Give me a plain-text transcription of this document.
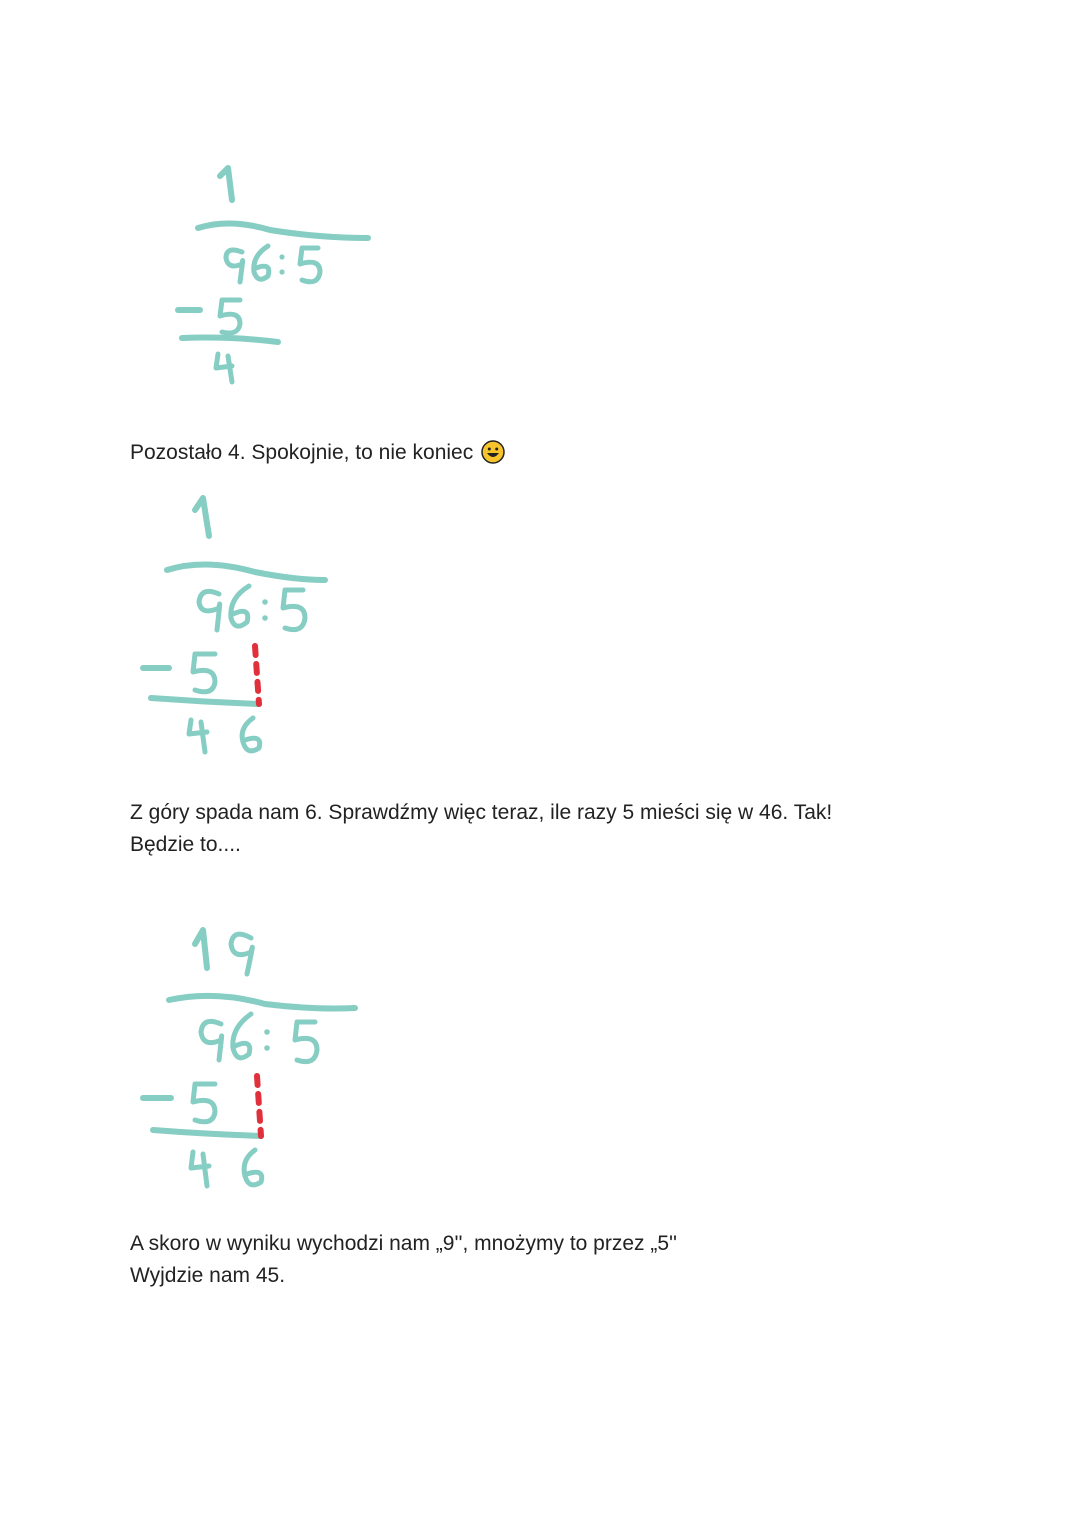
Pozostało 4. Spokojnie, to nie koniec
Z góry spada nam 6. Sprawdźmy więc teraz, ile razy 5 mieści się w 46. Tak!
Będzie to....
A skoro w wyniku wychodzi nam „9'', mnożymy to przez „5''
Wyjdzie nam 45.
